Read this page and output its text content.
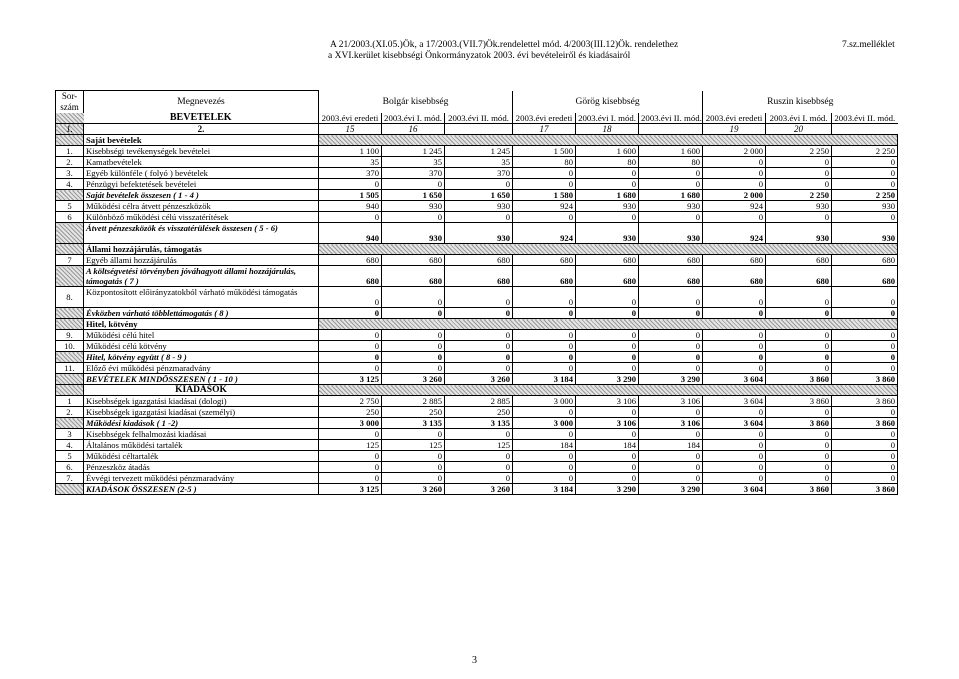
A 21/2003.(XI.05.)Ök, a 17/2003.(VII.7)Ök.rendelettel mód. 4/2003(III.12)Ök. rendelethez
a XVI.kerület kisebbségi Önkormányzatok 2003. évi bevételeiről és kiadásairól
7.sz.melléklet
Sor-szám	Megnevezés	Bolgár kisebbség			Görög kisebbség			Ruszin kisebbség		
	BEVÉTELEK	2003.évi eredeti	2003.évi I. mód.	2003.évi II. mód.	2003.évi eredeti	2003.évi I. mód.	2003.évi II. mód.	2003.évi eredeti	2003.évi I. mód.	2003.évi II. mód.
1.	2.	15	16		17	18		19	20	
	Saját bevételek									
1.	Kisebbségi tevékenységek bevételei	1 100	1 245	1 245	1 500	1 600	1 600	2 000	2 250	2 250
2.	Kamatbevételek	35	35	35	80	80	80	0	0	0
3.	Egyéb különféle ( folyó ) bevételek	370	370	370	0	0	0	0	0	0
4.	Pénzügyi befektetések bevételei	0	0	0	0	0	0	0	0	0
	Saját bevételek összesen ( 1 - 4 )	1 505	1 650	1 650	1 580	1 680	1 680	2 000	2 250	2 250
5	Működési célra átvett pénzeszközök	940	930	930	924	930	930	924	930	930
6	Különböző működési célú visszatérítések	0	0	0	0	0	0	0	0	0
	Átvett pénzeszközök és visszatérülések összesen ( 5 - 6)	940	930	930	924	930	930	924	930	930
	Állami hozzájárulás, támogatás									
7	Egyéb állami hozzájárulás	680	680	680	680	680	680	680	680	680
	A költségvetési törvényben jóváhagyott állami hozzájárulás, támogatás ( 7 )	680	680	680	680	680	680	680	680	680
8.	Központosított előirányzatokból várható működési támogatás	0	0	0	0	0	0	0	0	0
	Évközben várható többlettámogatás ( 8 )	0	0	0	0	0	0	0	0	0
	Hitel, kötvény									
9.	Működési célú hitel	0	0	0	0	0	0	0	0	0
10.	Működési célú kötvény	0	0	0	0	0	0	0	0	0
	Hitel, kötvény együtt ( 8 - 9 )	0	0	0	0	0	0	0	0	0
11.	Előző évi működési pénzmaradvány	0	0	0	0	0	0	0	0	0
	BEVÉTELEK MINDÖSSZESEN ( 1 - 10 )	3 125	3 260	3 260	3 184	3 290	3 290	3 604	3 860	3 860
	KIADÁSOK									
1	Kisebbségek igazgatási kiadásai (dologi)	2 750	2 885	2 885	3 000	3 106	3 106	3 604	3 860	3 860
2.	Kisebbségek igazgatási kiadásai (személyi)	250	250	250	0	0	0	0	0	0
	Működési kiadások ( 1 -2)	3 000	3 135	3 135	3 000	3 106	3 106	3 604	3 860	3 860
3	Kisebbségek felhalmozási kiadásai	0	0	0	0	0	0	0	0	0
4.	Általános működési tartalék	125	125	125	184	184	184	0	0	0
5	Működési céltartalék	0	0	0	0	0	0	0	0	0
6.	Pénzeszköz átadás	0	0	0	0	0	0	0	0	0
7.	Évvégi tervezett működési pénzmaradvány	0	0	0	0	0	0	0	0	0
	KIADÁSOK ÖSSZESEN (2-5 )	3 125	3 260	3 260	3 184	3 290	3 290	3 604	3 860	3 860
3
